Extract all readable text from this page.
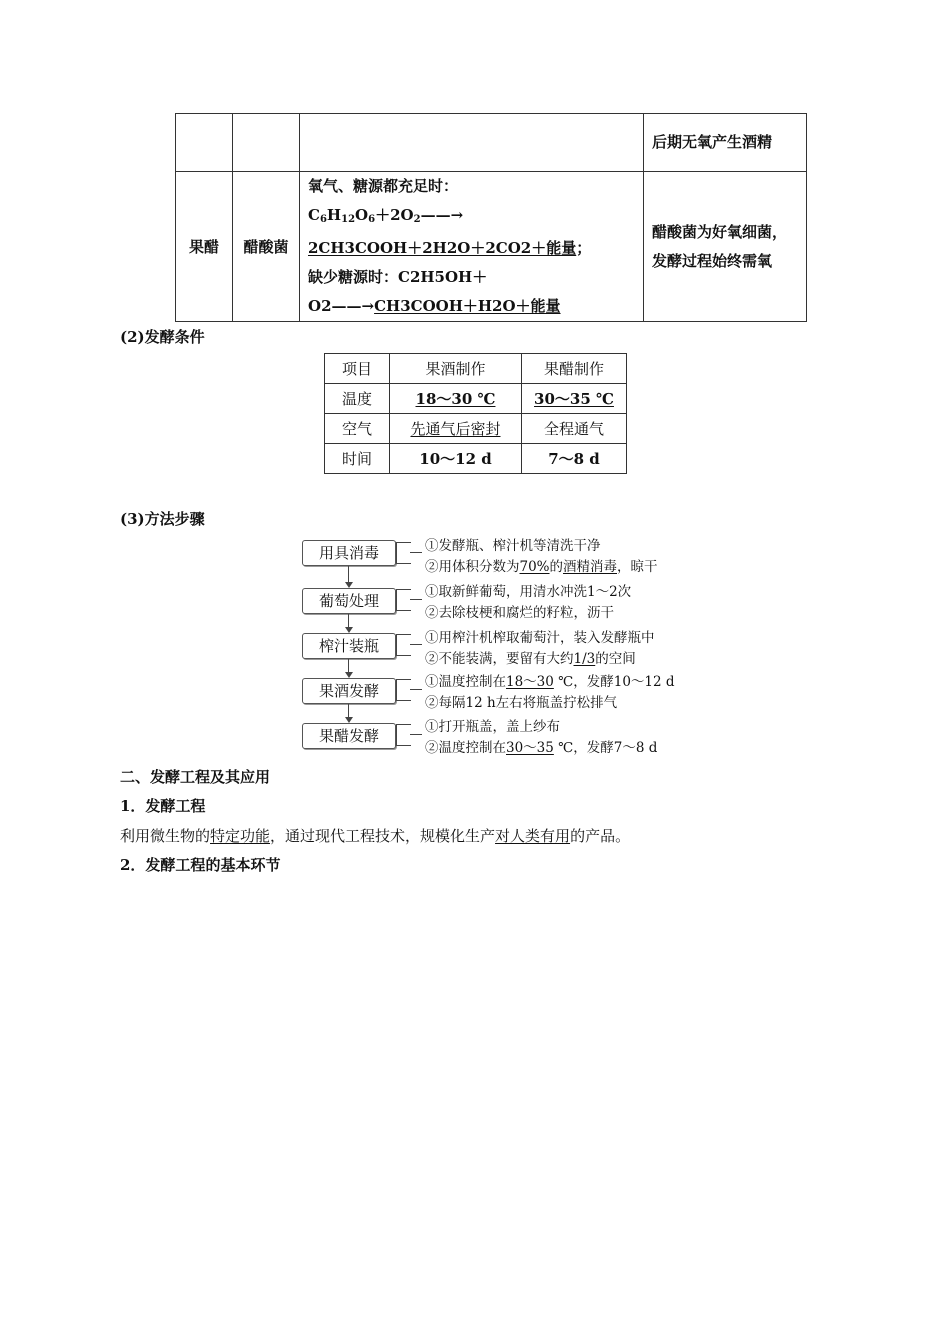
			后期无氧产生酒精
果醋	醋酸菌	氧气、糖源都充足时：
$C_6H_{12}O_6+2O_2——\to$
2CH3COOH＋2H2O＋2CO2＋能量；
缺少糖源时：C2H5OH＋
O2——→CH3COOH＋H2O＋能量	醋酸菌为好氧细菌，发酵过程始终需氧
(2)发酵条件
项目	果酒制作	果醋制作
温度	18～30 ℃	30～35 ℃
空气	先通气后密封	全程通气
时间	10～12 d	7～8 d
(3)方法步骤
用具消毒	①发酵瓶、榨汁机等清洗干净
②用体积分数为70%的酒精消毒，晾干
葡萄处理	①取新鲜葡萄，用清水冲洗1～2次
②去除枝梗和腐烂的籽粒，沥干
榨汁装瓶	①用榨汁机榨取葡萄汁，装入发酵瓶中
②不能装满，要留有大约1/3的空间
果酒发酵	①温度控制在18～30 ℃，发酵10～12 d
②每隔12 h左右将瓶盖拧松排气
果醋发酵	①打开瓶盖，盖上纱布
②温度控制在30～35 ℃，发酵7～8 d
二、发酵工程及其应用
1．发酵工程
利用微生物的特定功能，通过现代工程技术，规模化生产对人类有用的产品。
2．发酵工程的基本环节
